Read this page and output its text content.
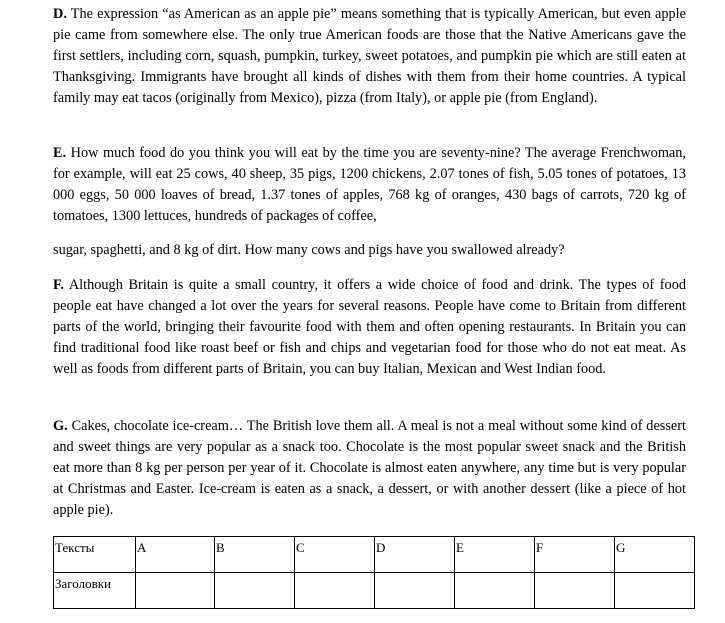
D. The expression “as American as an apple pie” means something that is typically American, but even apple pie came from somewhere else. The only true American foods are those that the Native Americans gave the first settlers, including corn, squash, pumpkin, turkey, sweet potatoes, and pumpkin pie which are still eaten at Thanksgiving. Immigrants have brought all kinds of dishes with them from their home countries. A typical family may eat tacos (originally from Mexico), pizza (from Italy), or apple pie (from England).

E. How much food do you think you will eat by the time you are seventy-nine? The average Frenchwoman, for example, will eat 25 cows, 40 sheep, 35 pigs, 1200 chickens, 2.07 tones of fish, 5.05 tones of potatoes, 13 000 eggs, 50 000 loaves of bread, 1.37 tones of apples, 768 kg of oranges, 430 bags of carrots, 720 kg of tomatoes, 1300 lettuces, hundreds of packages of coffee,

sugar, spaghetti, and 8 kg of dirt. How many cows and pigs have you swallowed already?

F. Although Britain is quite a small country, it offers a wide choice of food and drink. The types of food people eat have changed a lot over the years for several reasons. People have come to Britain from different parts of the world, bringing their favourite food with them and often opening restaurants. In Britain you can find traditional food like roast beef or fish and chips and vegetarian food for those who do not eat meat. As well as foods from different parts of Britain, you can buy Italian, Mexican and West Indian food.

G. Cakes, chocolate ice-cream… The British love them all. A meal is not a meal without some kind of dessert and sweet things are very popular as a snack too. Chocolate is the most popular sweet snack and the British eat more than 8 kg per person per year of it. Chocolate is almost eaten anywhere, any time but is very popular at Christmas and Easter. Ice-cream is eaten as a snack, a dessert, or with another dessert (like a piece of hot apple pie).

Тексты	A	B	C	D	E	F	G
Заголовки							
